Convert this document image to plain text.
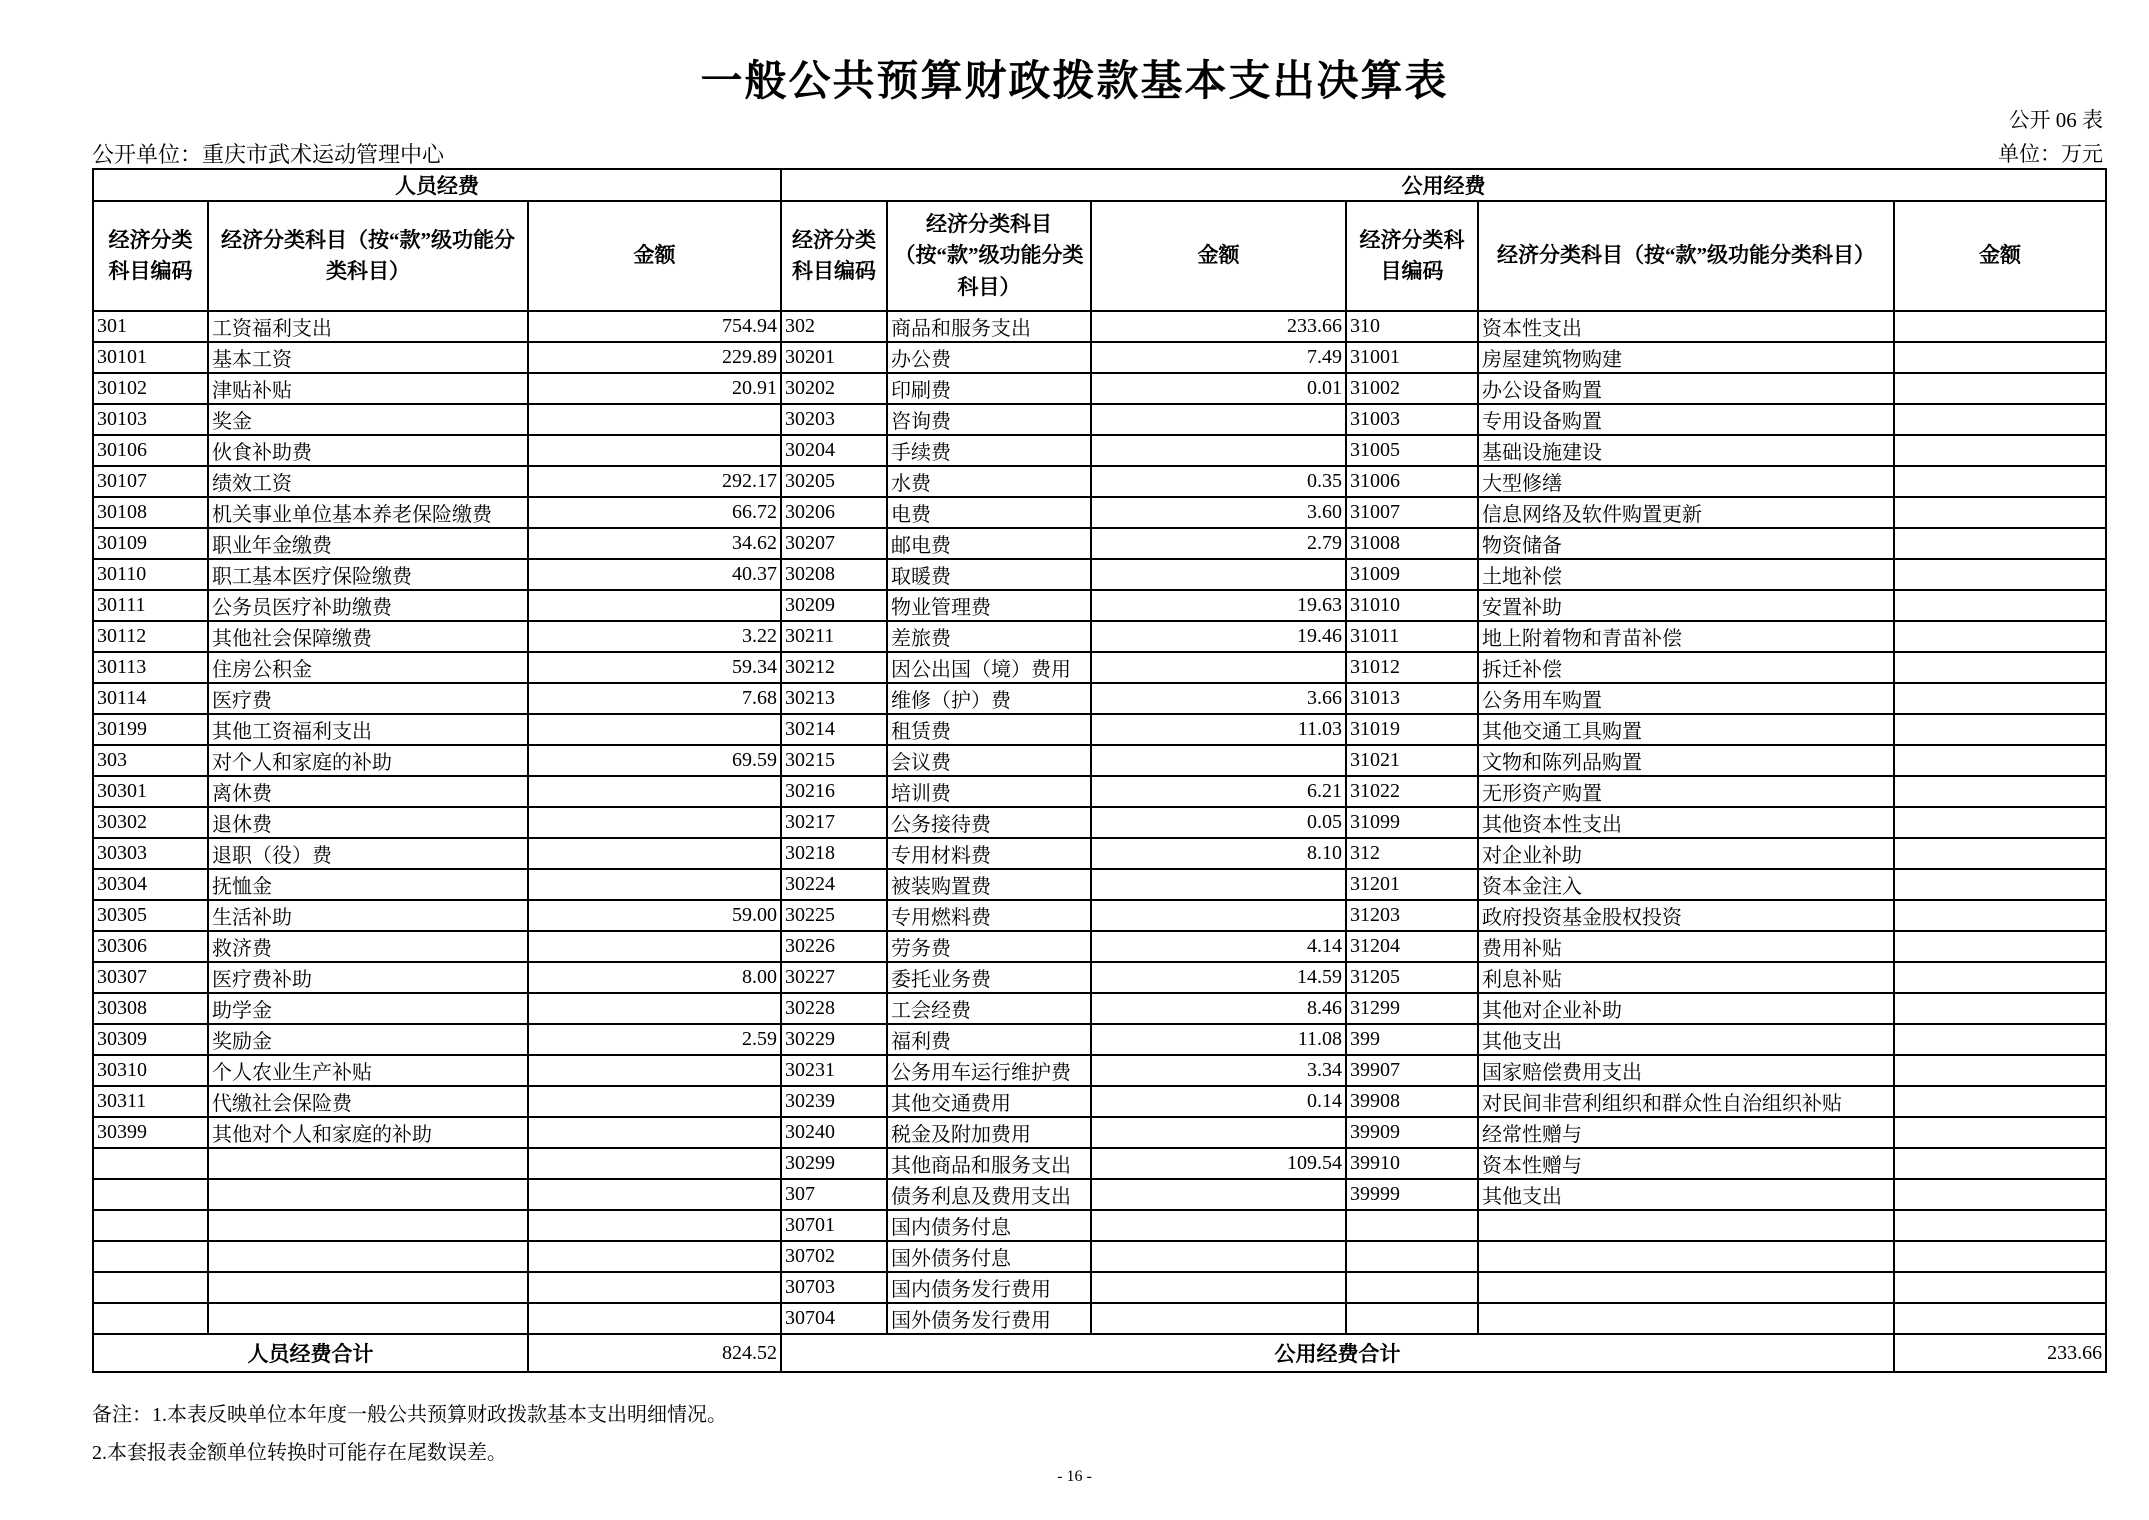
一般公共预算财政拨款基本支出决算表
公开 06 表
公开单位：重庆市武术运动管理中心	单位：万元
人员经费			公用经费					
经济分类科目编码	经济分类科目（按“款”级功能分类科目）	金额	经济分类科目编码	经济分类科目（按“款”级功能分类科目）	金额	经济分类科目编码	经济分类科目（按“款”级功能分类科目）	金额
301	工资福利支出	754.94	302	商品和服务支出	233.66	310	资本性支出	
30101	基本工资	229.89	30201	办公费	7.49	31001	房屋建筑物购建	
30102	津贴补贴	20.91	30202	印刷费	0.01	31002	办公设备购置	
30103	奖金		30203	咨询费		31003	专用设备购置	
30106	伙食补助费		30204	手续费		31005	基础设施建设	
30107	绩效工资	292.17	30205	水费	0.35	31006	大型修缮	
30108	机关事业单位基本养老保险缴费	66.72	30206	电费	3.60	31007	信息网络及软件购置更新	
30109	职业年金缴费	34.62	30207	邮电费	2.79	31008	物资储备	
30110	职工基本医疗保险缴费	40.37	30208	取暖费		31009	土地补偿	
30111	公务员医疗补助缴费		30209	物业管理费	19.63	31010	安置补助	
30112	其他社会保障缴费	3.22	30211	差旅费	19.46	31011	地上附着物和青苗补偿	
30113	住房公积金	59.34	30212	因公出国（境）费用		31012	拆迁补偿	
30114	医疗费	7.68	30213	维修（护）费	3.66	31013	公务用车购置	
30199	其他工资福利支出		30214	租赁费	11.03	31019	其他交通工具购置	
303	对个人和家庭的补助	69.59	30215	会议费		31021	文物和陈列品购置	
30301	离休费		30216	培训费	6.21	31022	无形资产购置	
30302	退休费		30217	公务接待费	0.05	31099	其他资本性支出	
30303	退职（役）费		30218	专用材料费	8.10	312	对企业补助	
30304	抚恤金		30224	被装购置费		31201	资本金注入	
30305	生活补助	59.00	30225	专用燃料费		31203	政府投资基金股权投资	
30306	救济费		30226	劳务费	4.14	31204	费用补贴	
30307	医疗费补助	8.00	30227	委托业务费	14.59	31205	利息补贴	
30308	助学金		30228	工会经费	8.46	31299	其他对企业补助	
30309	奖励金	2.59	30229	福利费	11.08	399	其他支出	
30310	个人农业生产补贴		30231	公务用车运行维护费	3.34	39907	国家赔偿费用支出	
30311	代缴社会保险费		30239	其他交通费用	0.14	39908	对民间非营利组织和群众性自治组织补贴	
30399	其他对个人和家庭的补助		30240	税金及附加费用		39909	经常性赠与	
			30299	其他商品和服务支出	109.54	39910	资本性赠与	
			307	债务利息及费用支出		39999	其他支出	
			30701	国内债务付息				
			30702	国外债务付息				
			30703	国内债务发行费用				
			30704	国外债务发行费用				
人员经费合计		824.52	公用经费合计					233.66
备注：1.本表反映单位本年度一般公共预算财政拨款基本支出明细情况。
2.本套报表金额单位转换时可能存在尾数误差。
- 16 -
